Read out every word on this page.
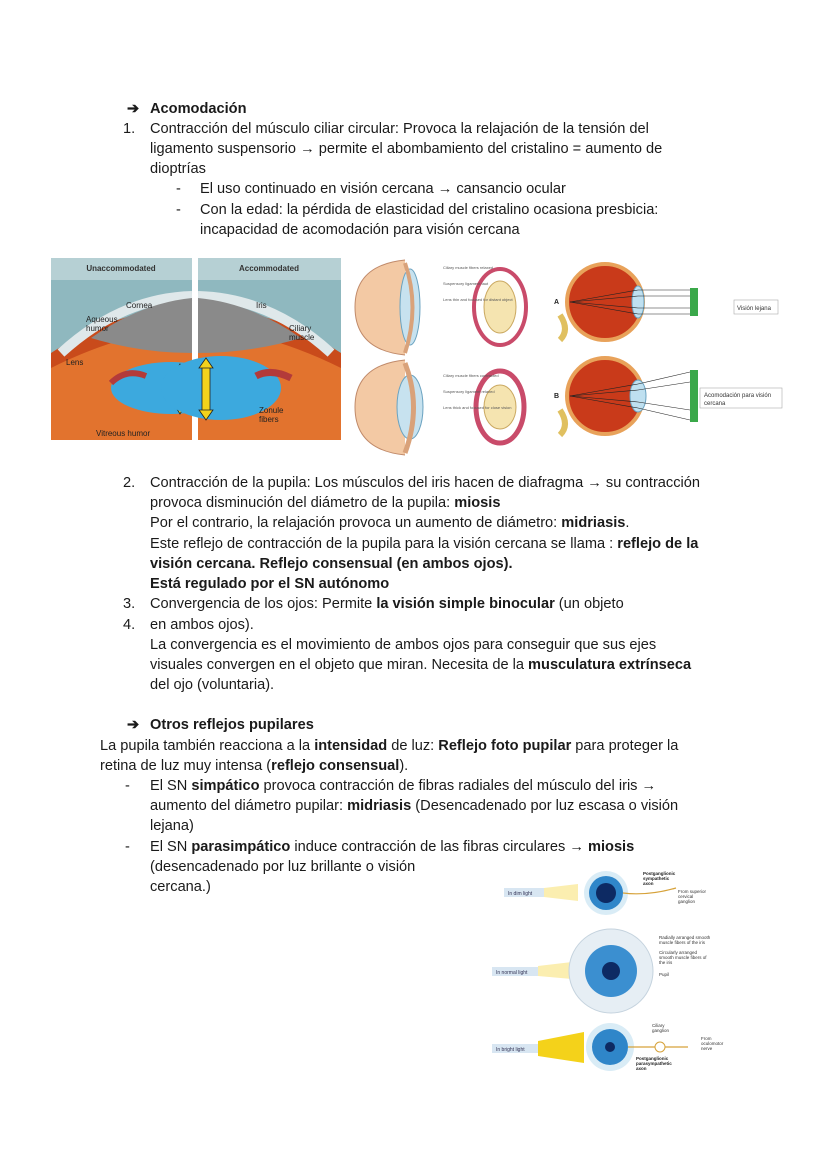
➔ Acomodación
1. Contracción del músculo ciliar circular: Provoca la relajación de la tensión del
ligamento suspensorio → permite el abombamiento del cristalino = aumento de
dioptrías
- El uso continuado en visión cercana → cansancio ocular
- Con la edad: la pérdida de elasticidad del cristalino ocasiona presbicia:
incapacidad de acomodación para visión cercana
Unaccommodated	Accommodated
Cornea
Aqueous
humor
Lens
Iris
Ciliary
muscle
Zonule
fibers
Vitreous humor
Ciliary muscle fibers relaxed
Suspensory ligament taut
Lens thin and focused for distant object
Ciliary muscle fibers contracted
Suspensory ligament relaxed
Lens thick and focused for close vision
A
B
Visión lejana
Acomodación para visión
cercana
2. Contracción de la pupila: Los músculos del iris hacen de diafragma → su contracción
provoca disminución del diámetro de la pupila: miosis
Por el contrario, la relajación provoca un aumento de diámetro: midriasis.
Este reflejo de contracción de la pupila para la visión cercana se llama : reflejo de la
visión cercana. Reflejo consensual (en ambos ojos).
Está regulado por el SN autónomo
3. Convergencia de los ojos: Permite la visión simple binocular (un objeto
4. en ambos ojos).
La convergencia es el movimiento de ambos ojos para conseguir que sus ejes
visuales convergen en el objeto que miran. Necesita de la musculatura extrínseca
del ojo (voluntaria).
➔ Otros reflejos pupilares
La pupila también reacciona a la intensidad de luz: Reflejo foto pupilar para proteger la
retina de luz muy intensa (reflejo consensual).
- El SN simpático provoca contracción de fibras radiales del músculo del iris →
aumento del diámetro pupilar: midriasis (Desencadenado por luz escasa o visión
lejana)
- El SN parasimpático induce contracción de las fibras circulares → miosis
(desencadenado por luz brillante o visión
cercana.)	In dim light
Postganglionic
sympathetic
axon
From superior
cervical
ganglion
In normal light
Radially arranged smooth
muscle fibers of the iris
Circularly arranged
smooth muscle fibers of
the iris
Pupil
In bright light
Ciliary
ganglion
From
oculomotor
nerve
Postganglionic
parasympathetic
axon
